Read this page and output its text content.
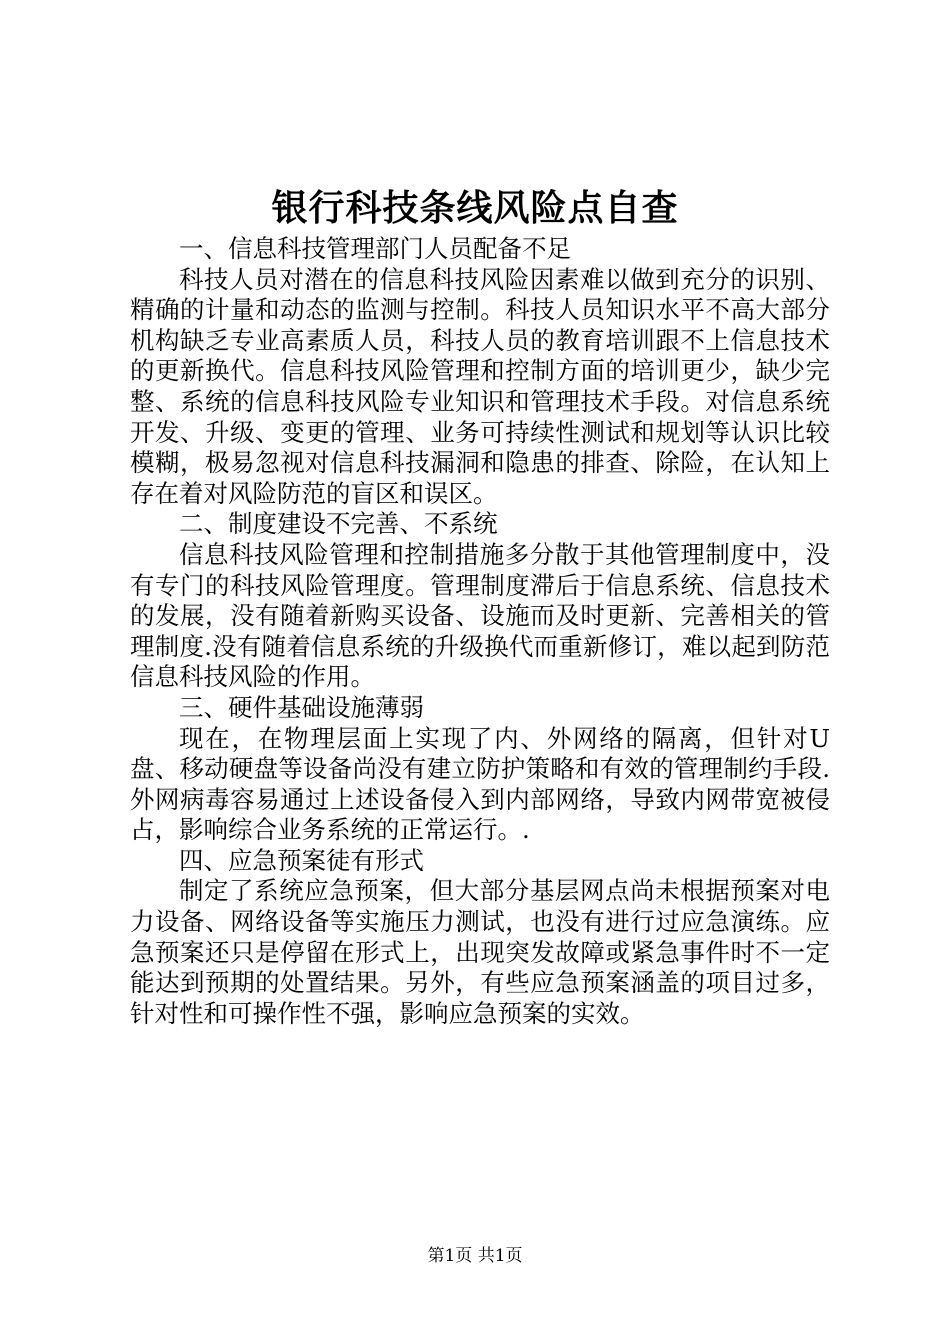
银行科技条线风险点自查

一、信息科技管理部门人员配备不足

科技人员对潜在的信息科技风险因素难以做到充分的识别、精确的计量和动态的监测与控制。科技人员知识水平不高大部分机构缺乏专业高素质人员，科技人员的教育培训跟不上信息技术的更新换代。信息科技风险管理和控制方面的培训更少，缺少完整、系统的信息科技风险专业知识和管理技术手段。对信息系统开发、升级、变更的管理、业务可持续性测试和规划等认识比较模糊，极易忽视对信息科技漏洞和隐患的排查、除险，在认知上存在着对风险防范的盲区和误区。

二、制度建设不完善、不系统

信息科技风险管理和控制措施多分散于其他管理制度中，没有专门的科技风险管理度。管理制度滞后于信息系统、信息技术的发展，没有随着新购买设备、设施而及时更新、完善相关的管理制度.没有随着信息系统的升级换代而重新修订，难以起到防范信息科技风险的作用。

三、硬件基础设施薄弱

现在，在物理层面上实现了内、外网络的隔离，但针对U盘、移动硬盘等设备尚没有建立防护策略和有效的管理制约手段.外网病毒容易通过上述设备侵入到内部网络，导致内网带宽被侵占，影响综合业务系统的正常运行。.

四、应急预案徒有形式

制定了系统应急预案，但大部分基层网点尚未根据预案对电力设备、网络设备等实施压力测试，也没有进行过应急演练。应急预案还只是停留在形式上，出现突发故障或紧急事件时不一定能达到预期的处置结果。另外，有些应急预案涵盖的项目过多，针对性和可操作性不强，影响应急预案的实效。

第1页 共1页
